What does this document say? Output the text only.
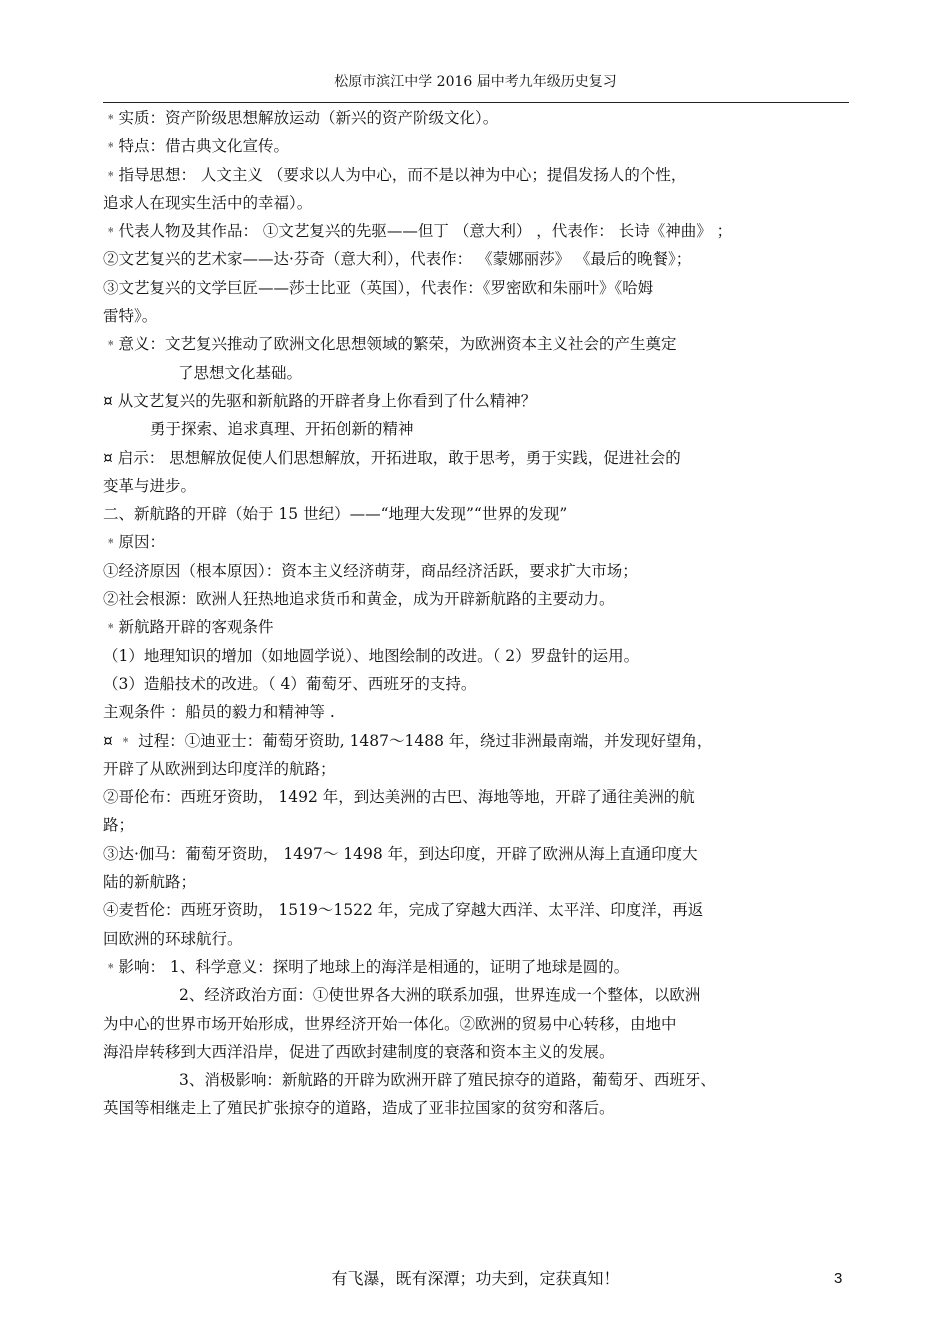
松原市滨江中学 2016 届中考九年级历史复习
﹡实质：资产阶级思想解放运动（新兴的资产阶级文化）。
﹡特点：借古典文化宣传。
﹡指导思想： 人文主义 （要求以人为中心，而不是以神为中心；提倡发扬人的个性，
追求人在现实生活中的幸福）。
﹡代表人物及其作品： ①文艺复兴的先驱——但丁 （意大利） ，代表作： 长诗《神曲》 ；
②文艺复兴的艺术家——达·芬奇（意大利），代表作： 《蒙娜丽莎》 《最后的晚餐》；
③文艺复兴的文学巨匠——莎士比亚（英国），代表作：《罗密欧和朱丽叶》《哈姆
雷特》。
﹡意义：文艺复兴推动了欧洲文化思想领域的繁荣，为欧洲资本主义社会的产生奠定
了思想文化基础。
¤ 从文艺复兴的先驱和新航路的开辟者身上你看到了什么精神？
勇于探索、追求真理、开拓创新的精神
¤ 启示： 思想解放促使人们思想解放，开拓进取，敢于思考，勇于实践，促进社会的
变革与进步。
二、新航路的开辟（始于 15 世纪）——“地理大发现”“世界的发现”
﹡原因：
①经济原因（根本原因）：资本主义经济萌芽，商品经济活跃，要求扩大市场；
②社会根源：欧洲人狂热地追求货币和黄金，成为开辟新航路的主要动力。
﹡新航路开辟的客观条件
（1）地理知识的增加（如地圆学说）、地图绘制的改进。（ 2）罗盘针的运用。
（3）造船技术的改进。（ 4）葡萄牙、西班牙的支持。
主观条件 ：船员的毅力和精神等 .
¤ ﹡ 过程：①迪亚士：葡萄牙资助, 1487～1488 年，绕过非洲最南端，并发现好望角，
开辟了从欧洲到达印度洋的航路；
②哥伦布：西班牙资助， 1492 年，到达美洲的古巴、海地等地，开辟了通往美洲的航
路；
③达·伽马：葡萄牙资助， 1497～ 1498 年，到达印度，开辟了欧洲从海上直通印度大
陆的新航路；
④麦哲伦：西班牙资助， 1519～1522 年，完成了穿越大西洋、太平洋、印度洋，再返
回欧洲的环球航行。
﹡影响： 1、科学意义：探明了地球上的海洋是相通的，证明了地球是圆的。
2、经济政治方面：①使世界各大洲的联系加强，世界连成一个整体，以欧洲
为中心的世界市场开始形成，世界经济开始一体化。②欧洲的贸易中心转移，由地中
海沿岸转移到大西洋沿岸，促进了西欧封建制度的衰落和资本主义的发展。
3、消极影响：新航路的开辟为欧洲开辟了殖民掠夺的道路，葡萄牙、西班牙、
英国等相继走上了殖民扩张掠夺的道路，造成了亚非拉国家的贫穷和落后。
有飞瀑，既有深潭；功夫到，定获真知！	3
